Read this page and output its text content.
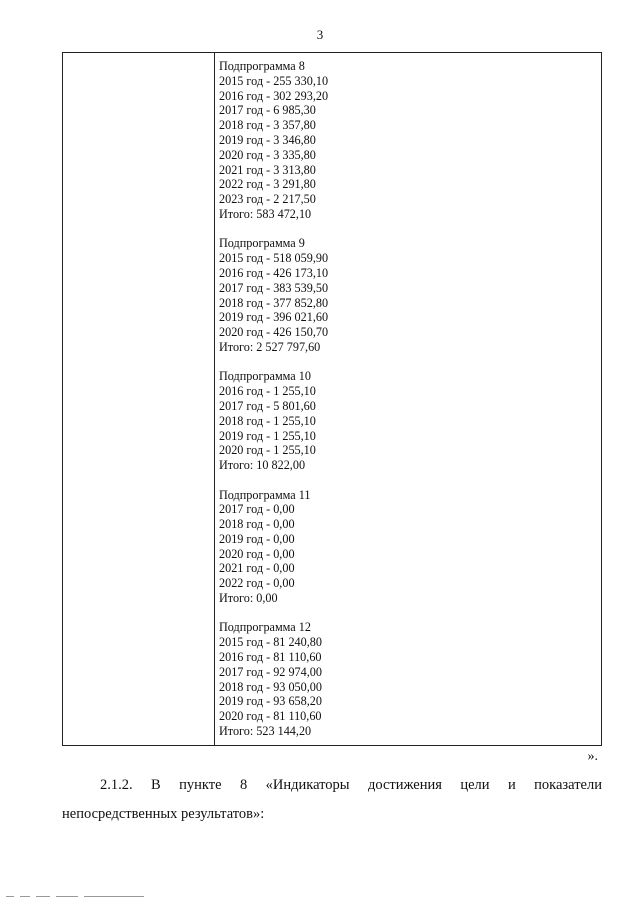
3
Подпрограмма 8
2015 год - 255 330,10
2016 год - 302 293,20
2017 год - 6 985,30
2018 год - 3 357,80
2019 год - 3 346,80
2020 год - 3 335,80
2021 год - 3 313,80
2022 год - 3 291,80
2023 год - 2 217,50
Итого: 583 472,10
Подпрограмма 9
2015 год - 518 059,90
2016 год - 426 173,10
2017 год - 383 539,50
2018 год - 377 852,80
2019 год - 396 021,60
2020 год - 426 150,70
Итого: 2 527 797,60
Подпрограмма 10
2016 год - 1 255,10
2017 год - 5 801,60
2018 год - 1 255,10
2019 год - 1 255,10
2020 год - 1 255,10
Итого: 10 822,00
Подпрограмма 11
2017 год - 0,00
2018 год - 0,00
2019 год - 0,00
2020 год - 0,00
2021 год - 0,00
2022 год - 0,00
Итого: 0,00
Подпрограмма 12
2015 год - 81 240,80
2016 год - 81 110,60
2017 год - 92 974,00
2018 год - 93 050,00
2019 год - 93 658,20
2020 год - 81 110,60
Итого: 523 144,20
».
2.1.2. В пункте 8 «Индикаторы достижения цели и показатели непосредственных результатов»:
